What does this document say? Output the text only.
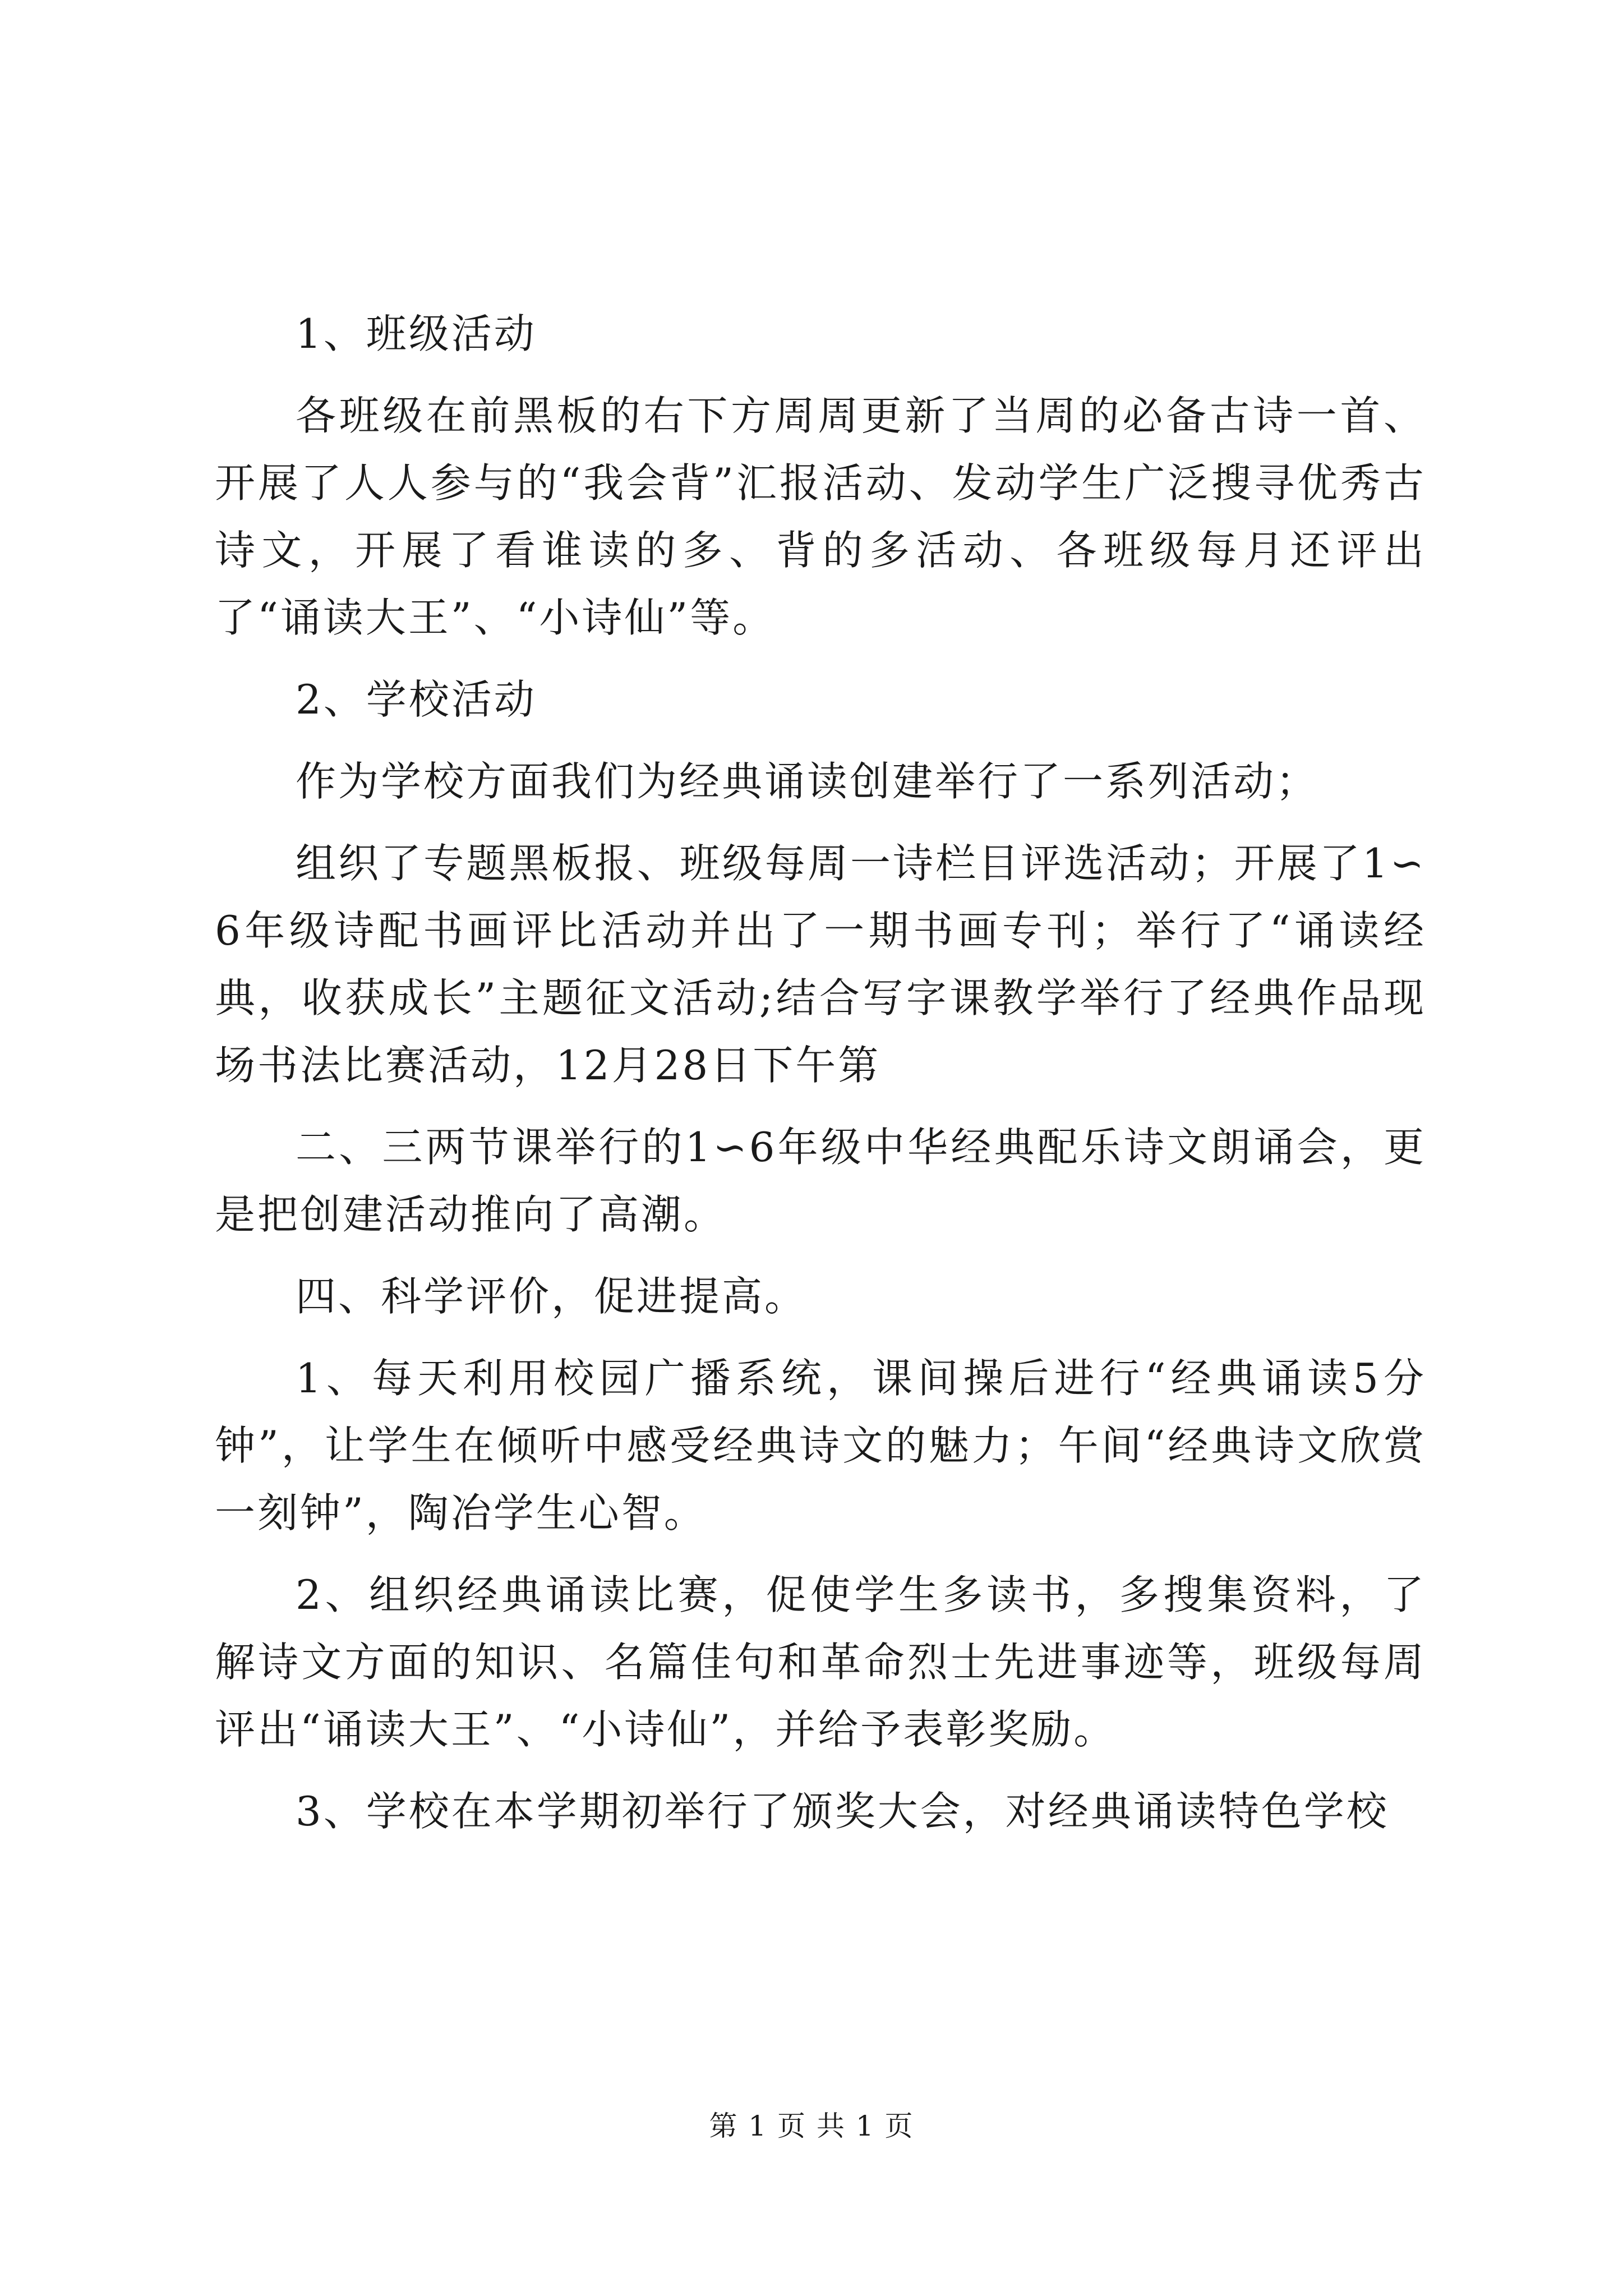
1、班级活动

各班级在前黑板的右下方周周更新了当周的必备古诗一首、开展了人人参与的“我会背”汇报活动、发动学生广泛搜寻优秀古诗文，开展了看谁读的多、背的多活动、各班级每月还评出了“诵读大王”、“小诗仙”等。

2、学校活动

作为学校方面我们为经典诵读创建举行了一系列活动；

组织了专题黑板报、班级每周一诗栏目评选活动；开展了1∽6年级诗配书画评比活动并出了一期书画专刊；举行了“诵读经典，收获成长”主题征文活动;结合写字课教学举行了经典作品现场书法比赛活动，12月28日下午第

二、三两节课举行的1∽6年级中华经典配乐诗文朗诵会，更是把创建活动推向了高潮。

四、科学评价，促进提高。

1、每天利用校园广播系统，课间操后进行“经典诵读5分钟”，让学生在倾听中感受经典诗文的魅力；午间“经典诗文欣赏一刻钟”，陶冶学生心智。

2、组织经典诵读比赛，促使学生多读书，多搜集资料，了解诗文方面的知识、名篇佳句和革命烈士先进事迹等，班级每周评出“诵读大王”、“小诗仙”，并给予表彰奖励。

3、学校在本学期初举行了颁奖大会，对经典诵读特色学校

第 1 页 共 1 页
